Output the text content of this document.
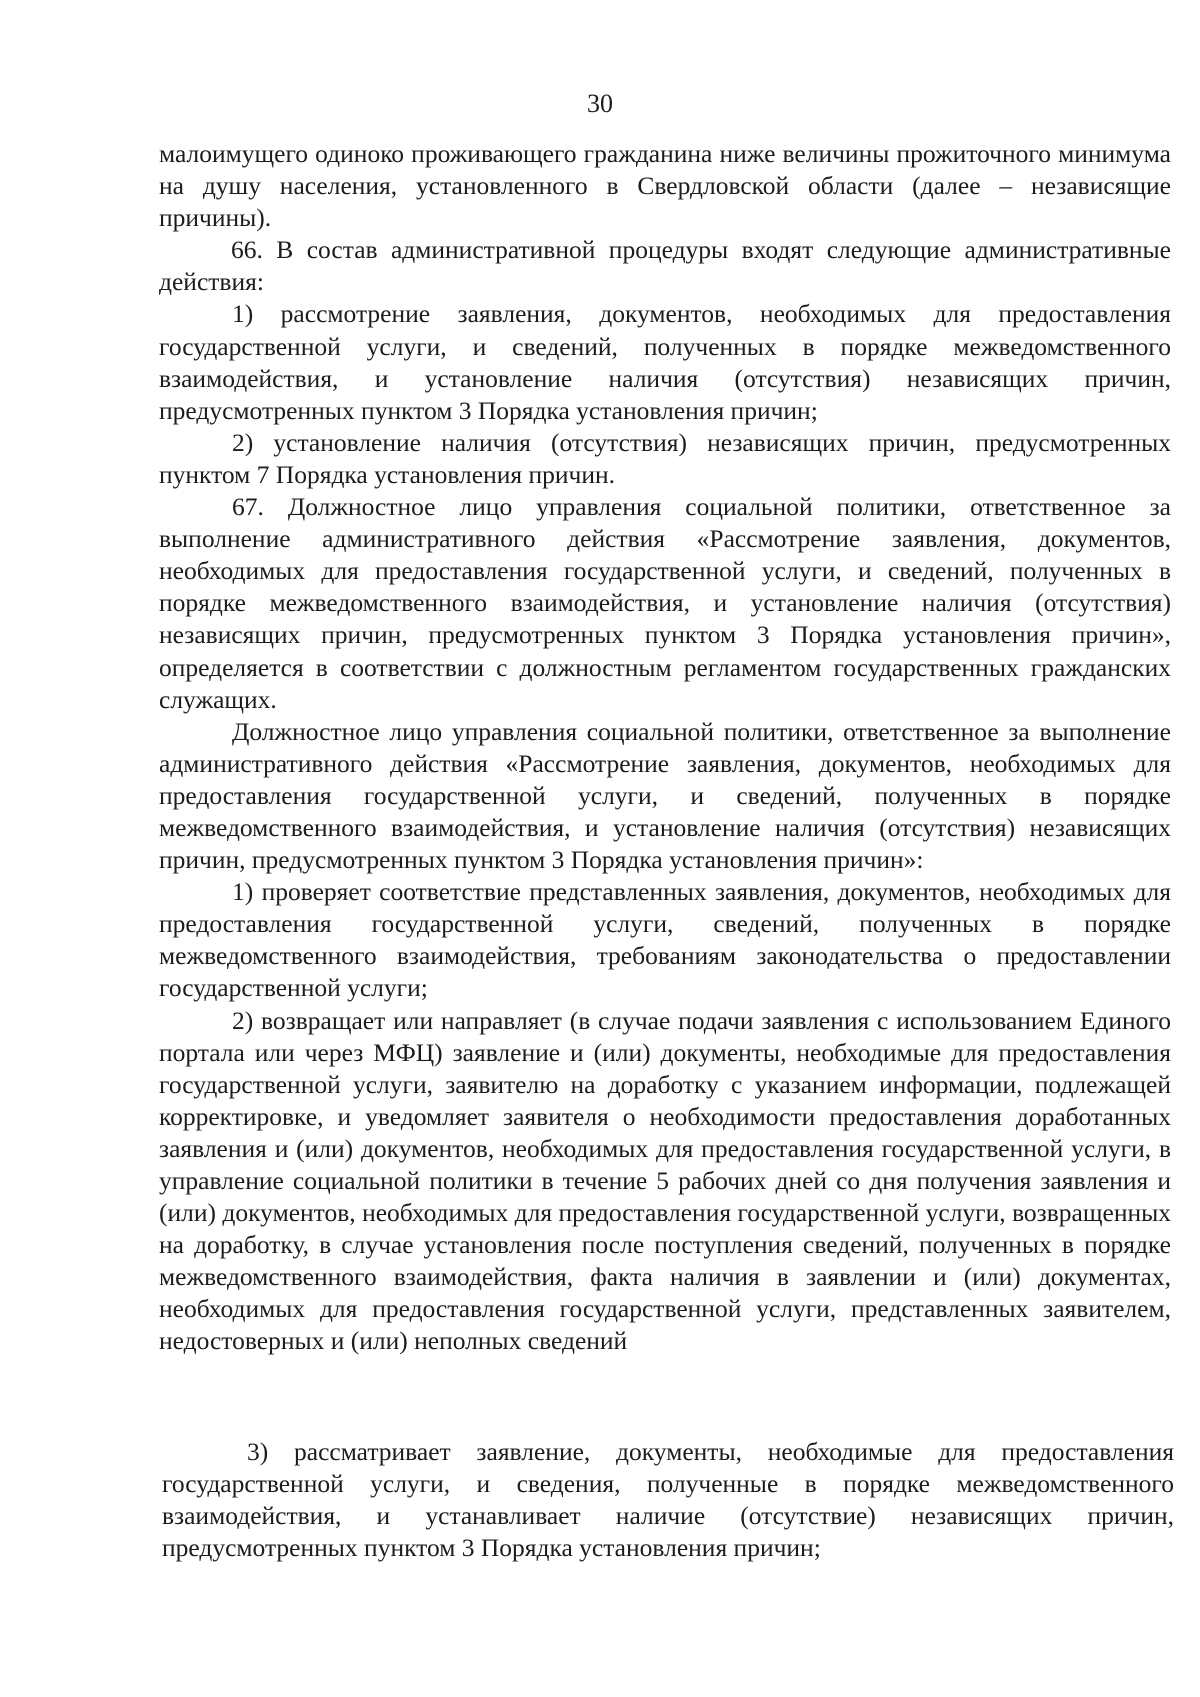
30

малоимущего одиноко проживающего гражданина ниже величины прожиточного минимума на душу населения, установленного в Свердловской области (далее – независящие причины).

66. В состав административной процедуры входят следующие административные действия:

1) рассмотрение заявления, документов, необходимых для предоставления государственной услуги, и сведений, полученных в порядке межведомственного взаимодействия, и установление наличия (отсутствия) независящих причин, предусмотренных пунктом 3 Порядка установления причин;

2) установление наличия (отсутствия) независящих причин, предусмотренных пунктом 7 Порядка установления причин.

67. Должностное лицо управления социальной политики, ответственное за выполнение административного действия «Рассмотрение заявления, документов, необходимых для предоставления государственной услуги, и сведений, полученных в порядке межведомственного взаимодействия, и установление наличия (отсутствия) независящих причин, предусмотренных пунктом 3 Порядка установления причин», определяется в соответствии с должностным регламентом государственных гражданских служащих.

Должностное лицо управления социальной политики, ответственное за выполнение административного действия «Рассмотрение заявления, документов, необходимых для предоставления государственной услуги, и сведений, полученных в порядке межведомственного взаимодействия, и установление наличия (отсутствия) независящих причин, предусмотренных пунктом 3 Порядка установления причин»:

1) проверяет соответствие представленных заявления, документов, необходимых для предоставления государственной услуги, сведений, полученных в порядке межведомственного взаимодействия, требованиям законодательства о предоставлении государственной услуги;

2) возвращает или направляет (в случае подачи заявления с использованием Единого портала или через МФЦ) заявление и (или) документы, необходимые для предоставления государственной услуги, заявителю на доработку с указанием информации, подлежащей корректировке, и уведомляет заявителя о необходимости предоставления доработанных заявления и (или) документов, необходимых для предоставления государственной услуги, в управление социальной политики в течение 5 рабочих дней со дня получения заявления и (или) документов, необходимых для предоставления государственной услуги, возвращенных на доработку, в случае установления после поступления сведений, полученных в порядке межведомственного взаимодействия, факта наличия в заявлении и (или) документах, необходимых для предоставления государственной услуги, представленных заявителем, недостоверных и (или) неполных сведений

3) рассматривает заявление, документы, необходимые для предоставления государственной услуги, и сведения, полученные в порядке межведомственного взаимодействия, и устанавливает наличие (отсутствие) независящих причин, предусмотренных пунктом 3 Порядка установления причин;
